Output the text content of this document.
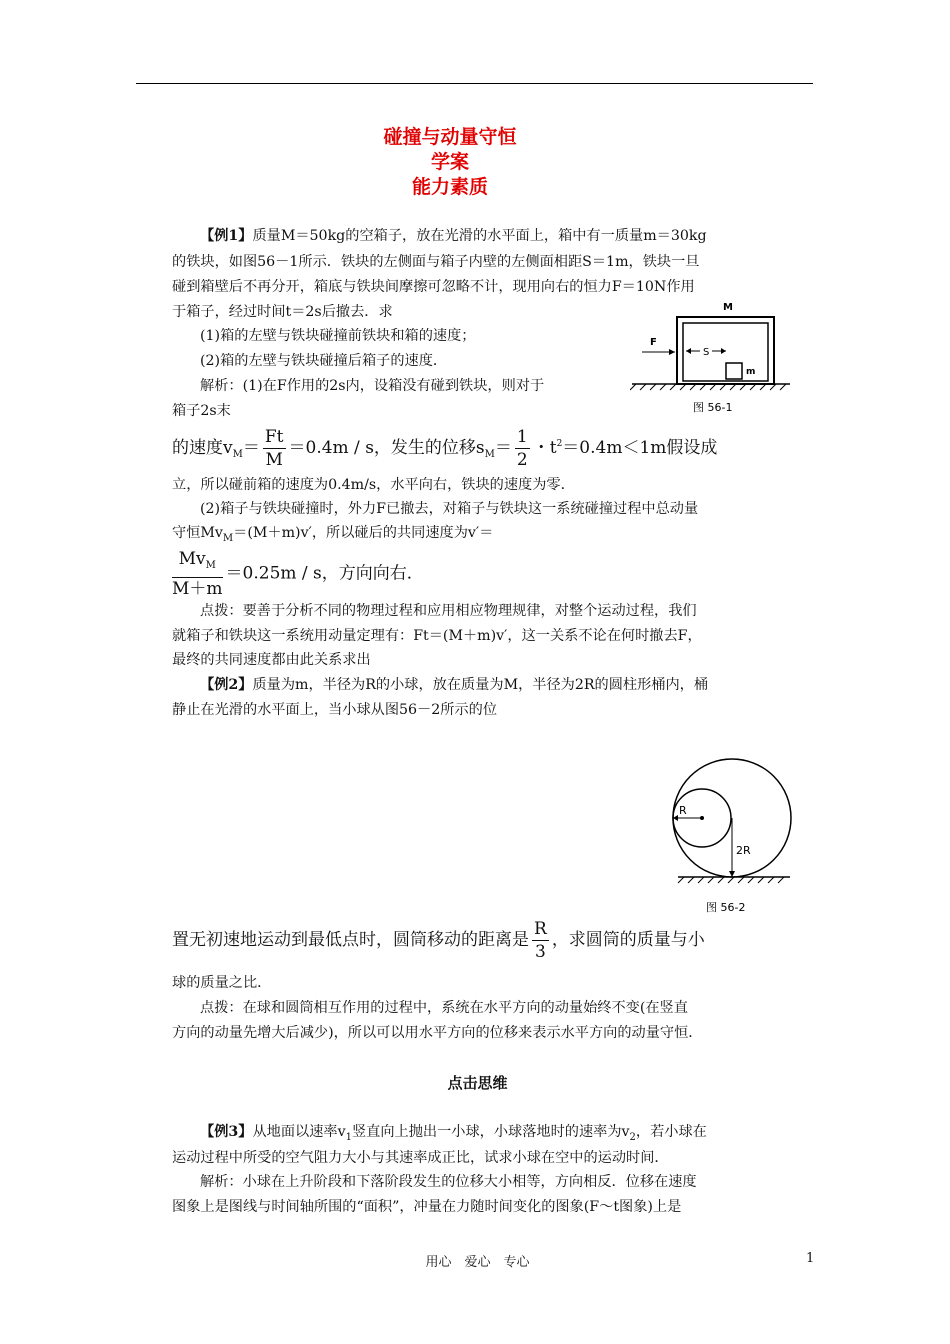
碰撞与动量守恒
学案
能力素质
【例1】质量M＝50kg的空箱子，放在光滑的水平面上，箱中有一质量m＝30kg
的铁块，如图56－1所示．铁块的左侧面与箱子内壁的左侧面相距S＝1m，铁块一旦
碰到箱壁后不再分开，箱底与铁块间摩擦可忽略不计，现用向右的恒力F＝10N作用
于箱子，经过时间t＝2s后撤去．求
(1)箱的左壁与铁块碰撞前铁块和箱的速度；
(2)箱的左壁与铁块碰撞后箱子的速度．
解析：(1)在F作用的2s内，设箱没有碰到铁块，则对于
箱子2s末
M
m
F
S
图 56-1
的速度$v_M= \frac{Ft}{M} =0.4m / s$，发生的位移$s_M= \frac{1}{2}$ ・$t^2=0.4m<1m$假设成
立，所以碰前箱的速度为0.4m/s，水平向右，铁块的速度为零．
(2)箱子与铁块碰撞时，外力F已撤去，对箱子与铁块这一系统碰撞过程中总动量
守恒$Mv_M=(M+m)v'$，所以碰后的共同速度为v′＝
$\frac{Mv_M}{M+m} =0.25m / s$，方向向右．
点拨：要善于分析不同的物理过程和应用相应物理规律，对整个运动过程，我们
就箱子和铁块这一系统用动量定理有：Ft＝(M＋m)v′，这一关系不论在何时撤去F，
最终的共同速度都由此关系求出
【例2】质量为m，半径为R的小球，放在质量为M，半径为2R的圆柱形桶内，桶
静止在光滑的水平面上，当小球从图56－2所示的位
R
2R
图 56-2
置无初速地运动到最低点时，圆筒移动的距离是 $\frac{R}{3}$ ，求圆筒的质量与小
球的质量之比．
点拨：在球和圆筒相互作用的过程中，系统在水平方向的动量始终不变(在竖直
方向的动量先增大后减少)，所以可以用水平方向的位移来表示水平方向的动量守恒．
点击思维
【例3】从地面以速率$v_1$竖直向上抛出一小球，小球落地时的速率为$v_2$，若小球在
运动过程中所受的空气阻力大小与其速率成正比，试求小球在空中的运动时间．
解析：小球在上升阶段和下落阶段发生的位移大小相等，方向相反．位移在速度
图象上是图线与时间轴所围的“面积”，冲量在力随时间变化的图象(F～t图象)上是
用心　爱心　专心	1
